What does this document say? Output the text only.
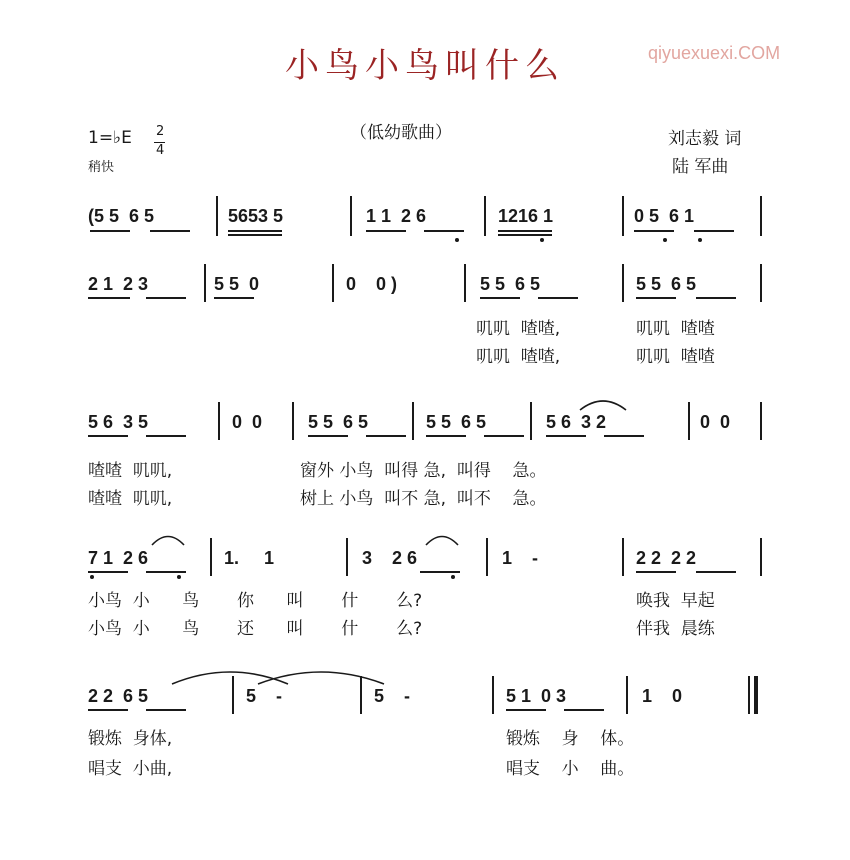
qiyuexuexi.COM

小鸟小鸟叫什么
（低幼歌曲）	刘志毅 词
陆 军曲
1=♭E 2
4
稍快
(5 5  6 5	5653 5	1 1  2 6	1216 1	0 5  6 1
2 1  2 3	5 5  0	0    0 )	5 5  6 5	5 5  6 5
叽叽  喳喳,	叽叽  喳喳
叽叽  喳喳,	叽叽  喳喳
5 6  3 5	0  0	5 5  6 5	5 5  6 5	5 6  3 2	0  0
喳喳  叽叽,	窗外 小鸟  叫得 急,  叫得    急。
喳喳  叽叽,	树上 小鸟  叫不 急,  叫不    急。
7 1  2 6	1.     1	3    2 6	1    -	2 2  2 2
小鸟  小      鸟       你      叫       什       么?	唤我  早起
小鸟  小      鸟       还      叫       什       么?	伴我  晨练
2 2  6 5	5    -	5    -	5 1  0 3	1    0
锻炼  身体,	锻炼    身    体。
唱支  小曲,	唱支    小    曲。
